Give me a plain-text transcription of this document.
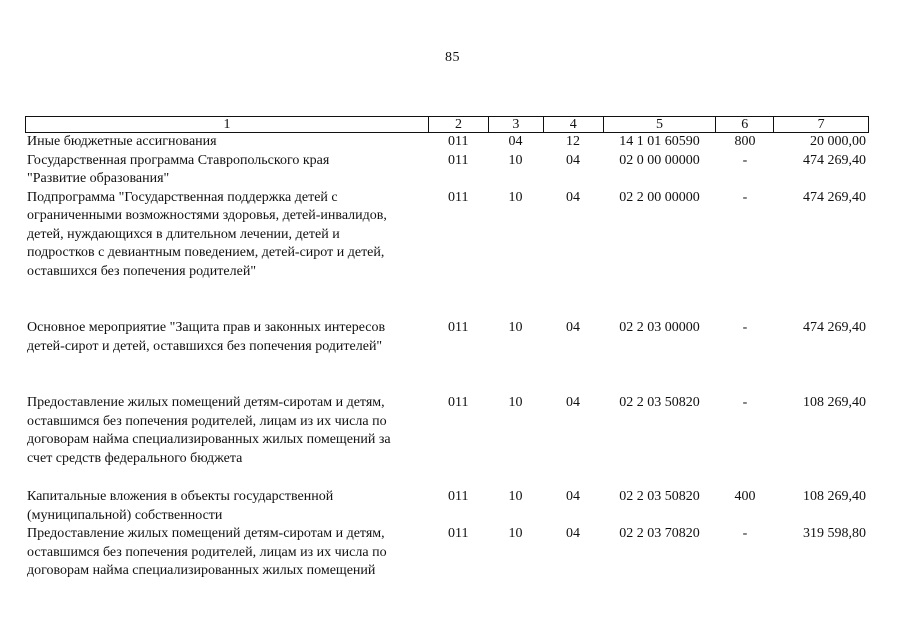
85
1	2	3	4	5	6	7
Иные бюджетные ассигнования	011	04	12	14 1 01 60590	800	20 000,00
Государственная программа Ставропольского края
"Развитие образования"
011	10	04	02 0 00 00000	-	474 269,40
Подпрограмма "Государственная поддержка детей с
ограниченными возможностями здоровья, детей-инвалидов,
детей, нуждающихся в длительном лечении, детей и
подростков с девиантным поведением, детей-сирот и детей,
оставшихся без попечения родителей"
011	10	04	02 2 00 00000	-	474 269,40
Основное мероприятие "Защита прав и законных интересов
детей-сирот и детей, оставшихся без попечения родителей"
011	10	04	02 2 03 00000	-	474 269,40
Предоставление жилых помещений детям-сиротам и детям,
оставшимся без попечения родителей, лицам из их числа по
договорам найма специализированных жилых помещений за
счет средств федерального бюджета
011	10	04	02 2 03 50820	-	108 269,40
Капитальные вложения в объекты государственной
(муниципальной) собственности
011	10	04	02 2 03 50820	400	108 269,40
Предоставление жилых помещений детям-сиротам и детям,
оставшимся без попечения родителей, лицам из их числа по
договорам найма специализированных жилых помещений
011	10	04	02 2 03 70820	-	319 598,80
